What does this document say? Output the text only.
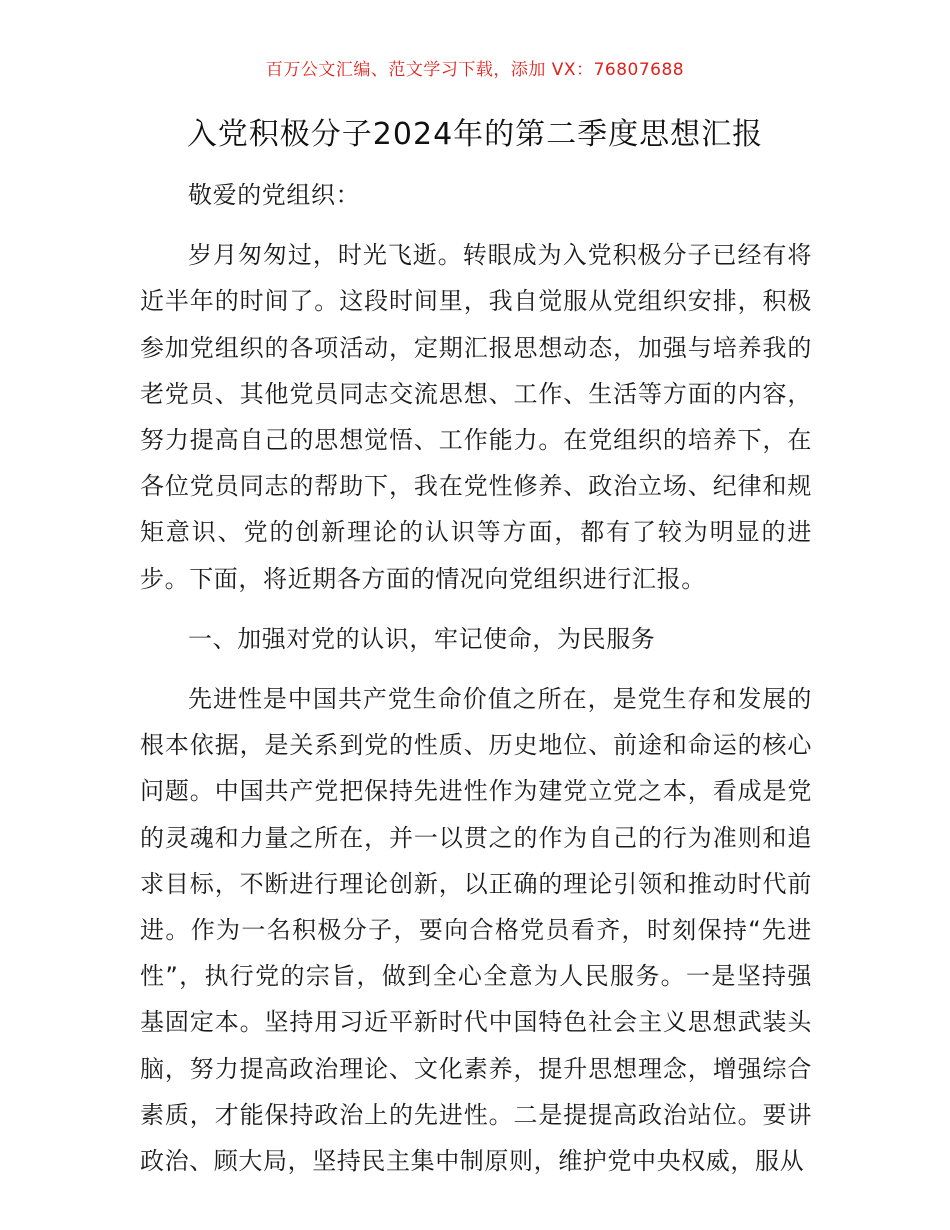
百万公文汇编、范文学习下载，添加 VX：76807688
入党积极分子2024年的第二季度思想汇报

敬爱的党组织：

岁月匆匆过，时光飞逝。转眼成为入党积极分子已经有将近半年的时间了。这段时间里，我自觉服从党组织安排，积极参加党组织的各项活动，定期汇报思想动态，加强与培养我的老党员、其他党员同志交流思想、工作、生活等方面的内容，努力提高自己的思想觉悟、工作能力。在党组织的培养下，在各位党员同志的帮助下，我在党性修养、政治立场、纪律和规矩意识、党的创新理论的认识等方面，都有了较为明显的进步。下面，将近期各方面的情况向党组织进行汇报。

一、加强对党的认识，牢记使命，为民服务

先进性是中国共产党生命价值之所在，是党生存和发展的根本依据，是关系到党的性质、历史地位、前途和命运的核心问题。中国共产党把保持先进性作为建党立党之本，看成是党的灵魂和力量之所在，并一以贯之的作为自己的行为准则和追求目标，不断进行理论创新，以正确的理论引领和推动时代前进。作为一名积极分子，要向合格党员看齐，时刻保持“先进性”，执行党的宗旨，做到全心全意为人民服务。一是坚持强基固定本。坚持用习近平新时代中国特色社会主义思想武装头脑，努力提高政治理论、文化素养，提升思想理念，增强综合素质，才能保持政治上的先进性。二是提提高政治站位。要讲政治、顾大局，坚持民主集中制原则，维护党中央权威，服从
